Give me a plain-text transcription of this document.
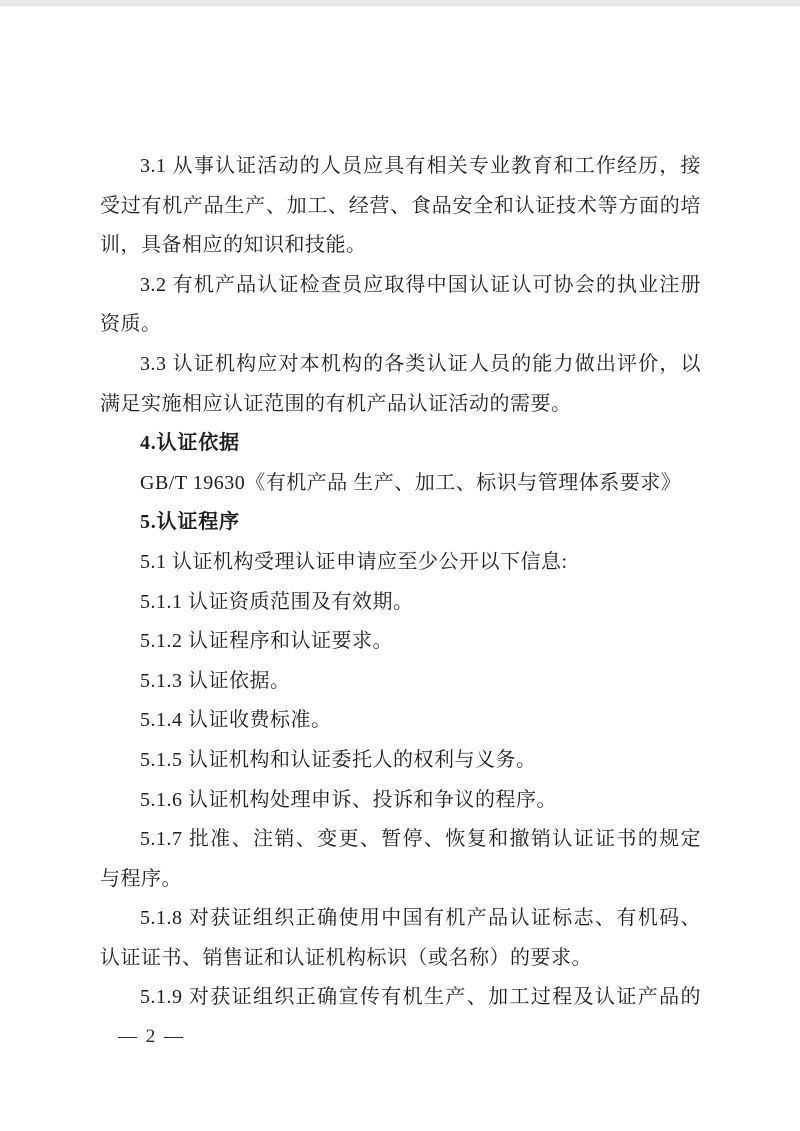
3.1 从事认证活动的人员应具有相关专业教育和工作经历，接
受过有机产品生产、加工、经营、食品安全和认证技术等方面的培
训，具备相应的知识和技能。
3.2 有机产品认证检查员应取得中国认证认可协会的执业注册
资质。
3.3 认证机构应对本机构的各类认证人员的能力做出评价，以
满足实施相应认证范围的有机产品认证活动的需要。
4.认证依据
GB/T 19630《有机产品 生产、加工、标识与管理体系要求》
5.认证程序
5.1 认证机构受理认证申请应至少公开以下信息:
5.1.1 认证资质范围及有效期。
5.1.2 认证程序和认证要求。
5.1.3 认证依据。
5.1.4 认证收费标准。
5.1.5 认证机构和认证委托人的权利与义务。
5.1.6 认证机构处理申诉、投诉和争议的程序。
5.1.7 批准、注销、变更、暂停、恢复和撤销认证证书的规定
与程序。
5.1.8 对获证组织正确使用中国有机产品认证标志、有机码、
认证证书、销售证和认证机构标识（或名称）的要求。
5.1.9 对获证组织正确宣传有机生产、加工过程及认证产品的
— 2 —
